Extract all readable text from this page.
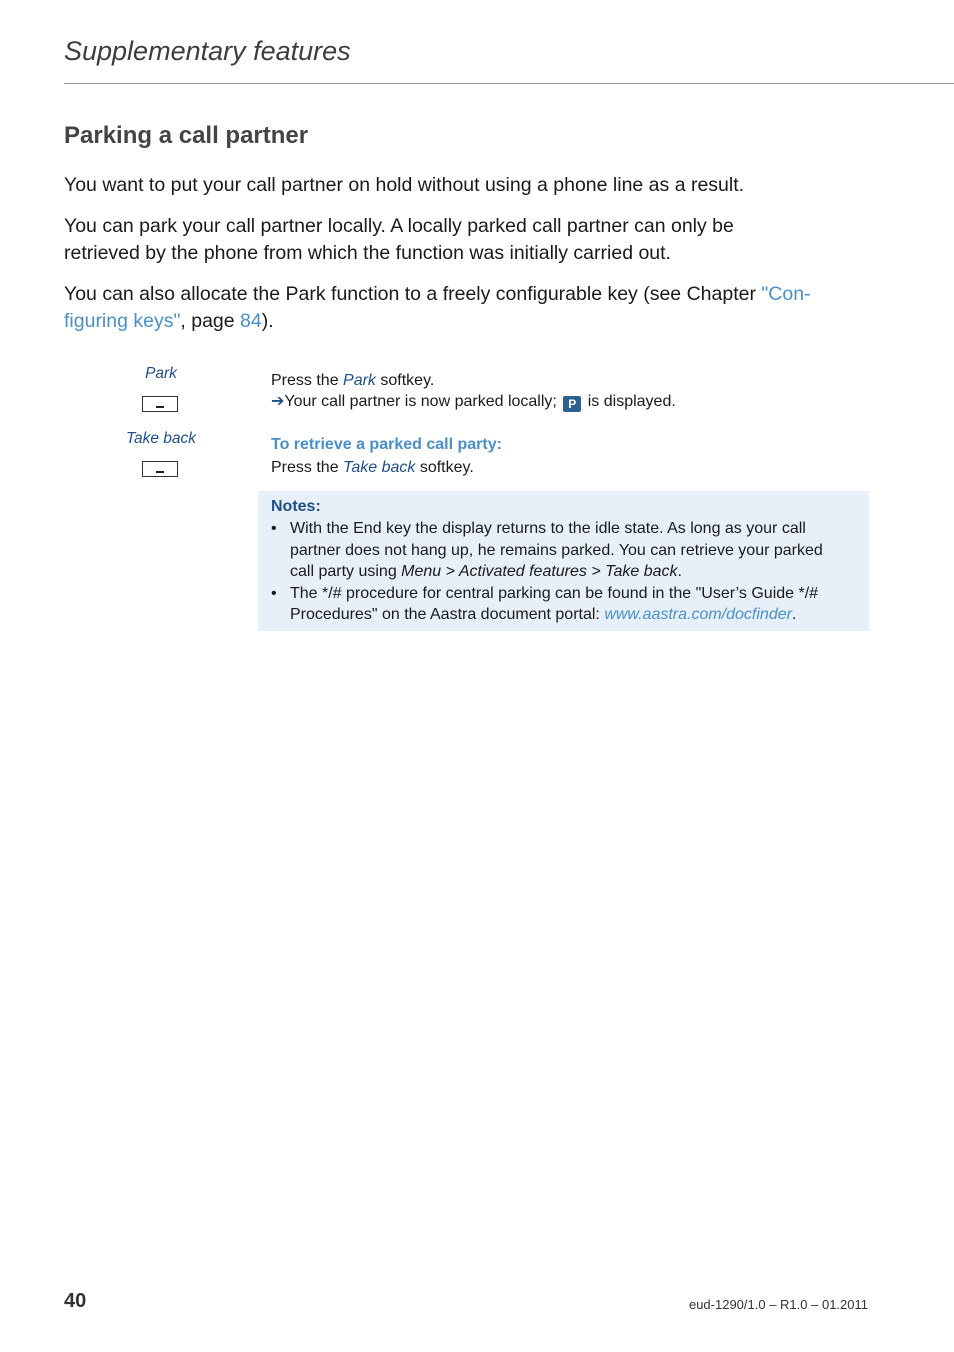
Supplementary features
Parking a call partner
You want to put your call partner on hold without using a phone line as a result.
You can park your call partner locally. A locally parked call partner can only be
retrieved by the phone from which the function was initially carried out.
You can also allocate the Park function to a freely configurable key (see Chapter "Con-
figuring keys", page 84).
Park	Press the Park softkey.
➔Your call partner is now parked locally; P is displayed.
Take back	To retrieve a parked call party:
Press the Take back softkey.
Notes:
• With the End key the display returns to the idle state. As long as your call
partner does not hang up, he remains parked. You can retrieve your parked
call party using Menu > Activated features > Take back.
• The */# procedure for central parking can be found in the "User’s Guide */#
Procedures" on the Aastra document portal: www.aastra.com/docfinder.
40	eud-1290/1.0 – R1.0 – 01.2011
